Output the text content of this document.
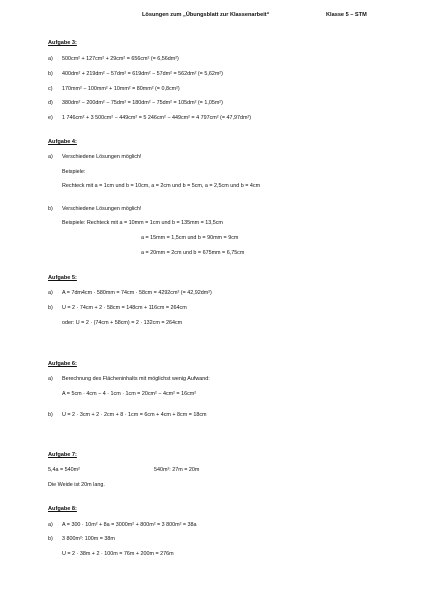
Lösungen zum „Übungsblatt zur Klassenarbeit“	Klasse 5 – STM
Aufgabe 3:
a) 500cm² + 127cm² + 29cm² = 656cm² (= 6,56dm²)
b) 400dm² + 219dm² − 57dm² = 619dm² − 57dm² = 562dm² (= 5,62m²)
c) 170mm² − 100mm² + 10mm² = 80mm² (= 0,8cm²)
d) 380dm² − 200dm² − 75dm² = 180dm² − 75dm² = 105dm² (= 1,05m²)
e) 1 746cm² + 3 500cm² − 449cm² = 5 246cm² − 449cm² = 4 797cm² (= 47,97dm²)
Aufgabe 4:
a) Verschiedene Lösungen möglich!
Beispiele:
Rechteck mit a = 1cm und b = 10cm, a = 2cm und b = 5cm, a = 2,5cm und b = 4cm
b) Verschiedene Lösungen möglich!
Beispiele: Rechteck mit a = 10mm = 1cm und b = 135mm = 13,5cm
a = 15mm = 1,5cm und b = 90mm = 9cm
a = 20mm = 2cm und b = 675mm = 6,75cm
Aufgabe 5:
a) A = 7dm4cm · 580mm = 74cm · 58cm = 4292cm² (= 42,92dm²)
b) U = 2 · 74cm + 2 · 58cm = 148cm + 116cm = 264cm
oder: U = 2 · (74cm + 58cm) = 2 · 132cm = 264cm
Aufgabe 6:
a) Berechnung des Flächeninhalts mit möglichst wenig Aufwand:
A = 5cm · 4cm − 4 · 1cm · 1cm = 20cm² − 4cm² = 16cm²
b) U = 2 · 3cm + 2 · 2cm + 8 · 1cm = 6cm + 4cm + 8cm = 18cm
Aufgabe 7:
5,4a = 540m²	540m²: 27m = 20m
Die Weide ist 20m lang.
Aufgabe 8:
a) A = 300 · 10m² + 8a = 3000m² + 800m² = 3 800m² = 38a
b) 3 800m²: 100m = 38m
U = 2 · 38m + 2 · 100m = 76m + 200m = 276m
